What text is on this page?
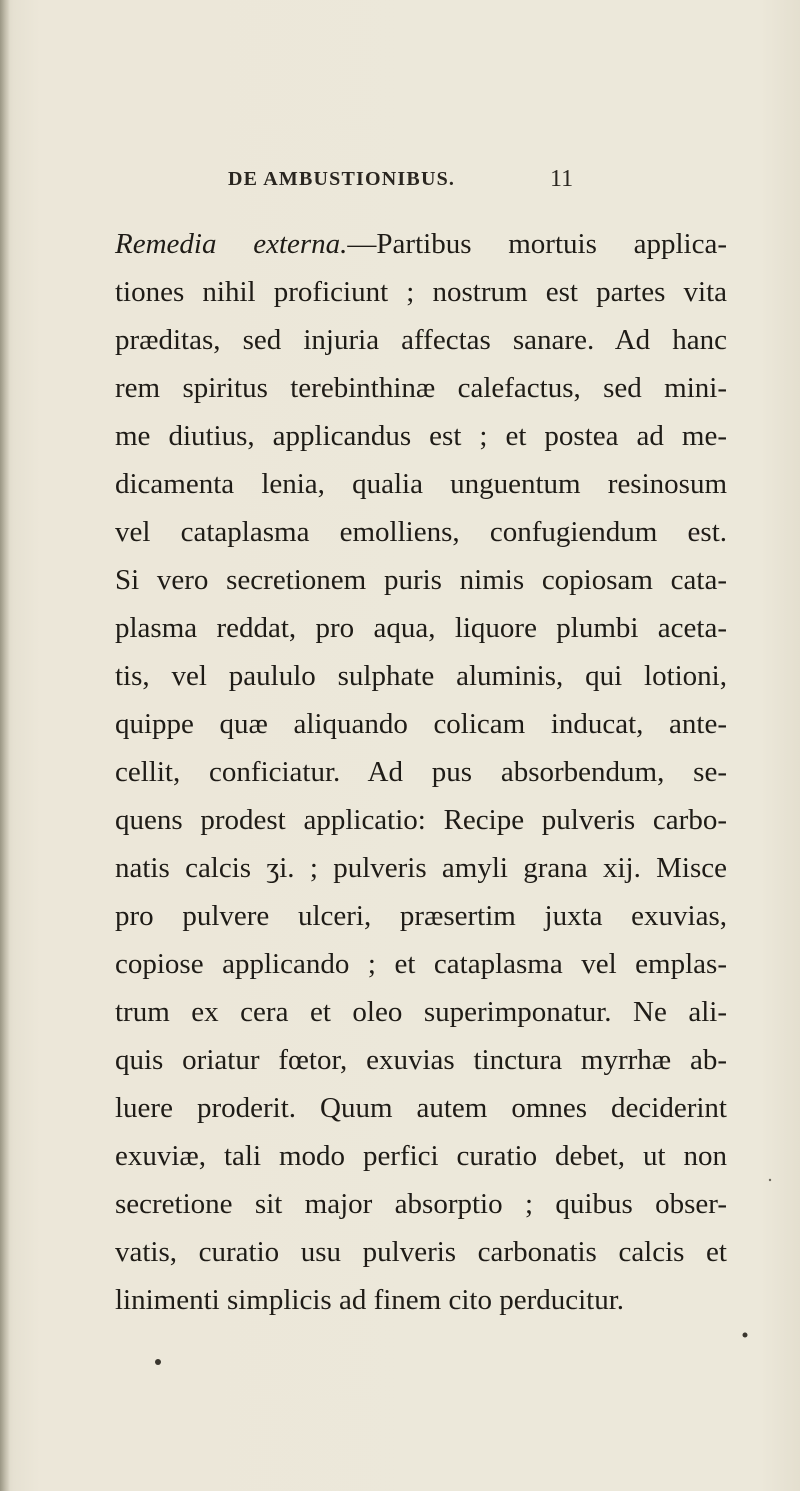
DE AMBUSTIONIBUS.	11
Remedia externa.—Partibus mortuis applica-
tiones nihil proficiunt ; nostrum est partes vita
prӕditas, sed injuria affectas sanare. Ad hanc
rem spiritus terebinthinӕ calefactus, sed mini-
me diutius, applicandus est ; et postea ad me-
dicamenta lenia, qualia unguentum resinosum
vel cataplasma emolliens, confugiendum est.
Si vero secretionem puris nimis copiosam cata-
plasma reddat, pro aqua, liquore plumbi aceta-
tis, vel paululo sulphate aluminis, qui lotioni,
quippe quӕ aliquando colicam inducat, ante-
cellit, conficiatur. Ad pus absorbendum, se-
quens prodest applicatio: Recipe pulveris carbo-
natis calcis ʒi. ; pulveris amyli grana xij. Misce
pro pulvere ulceri, prӕsertim juxta exuvias,
copiose applicando ; et cataplasma vel emplas-
trum ex cera et oleo superimponatur. Ne ali-
quis oriatur fœtor, exuvias tinctura myrrhӕ ab-
luere proderit. Quum autem omnes deciderint
exuviӕ, tali modo perfici curatio debet, ut non
secretione sit major absorptio ; quibus obser-
vatis, curatio usu pulveris carbonatis calcis et
linimenti simplicis ad finem cito perducitur.
